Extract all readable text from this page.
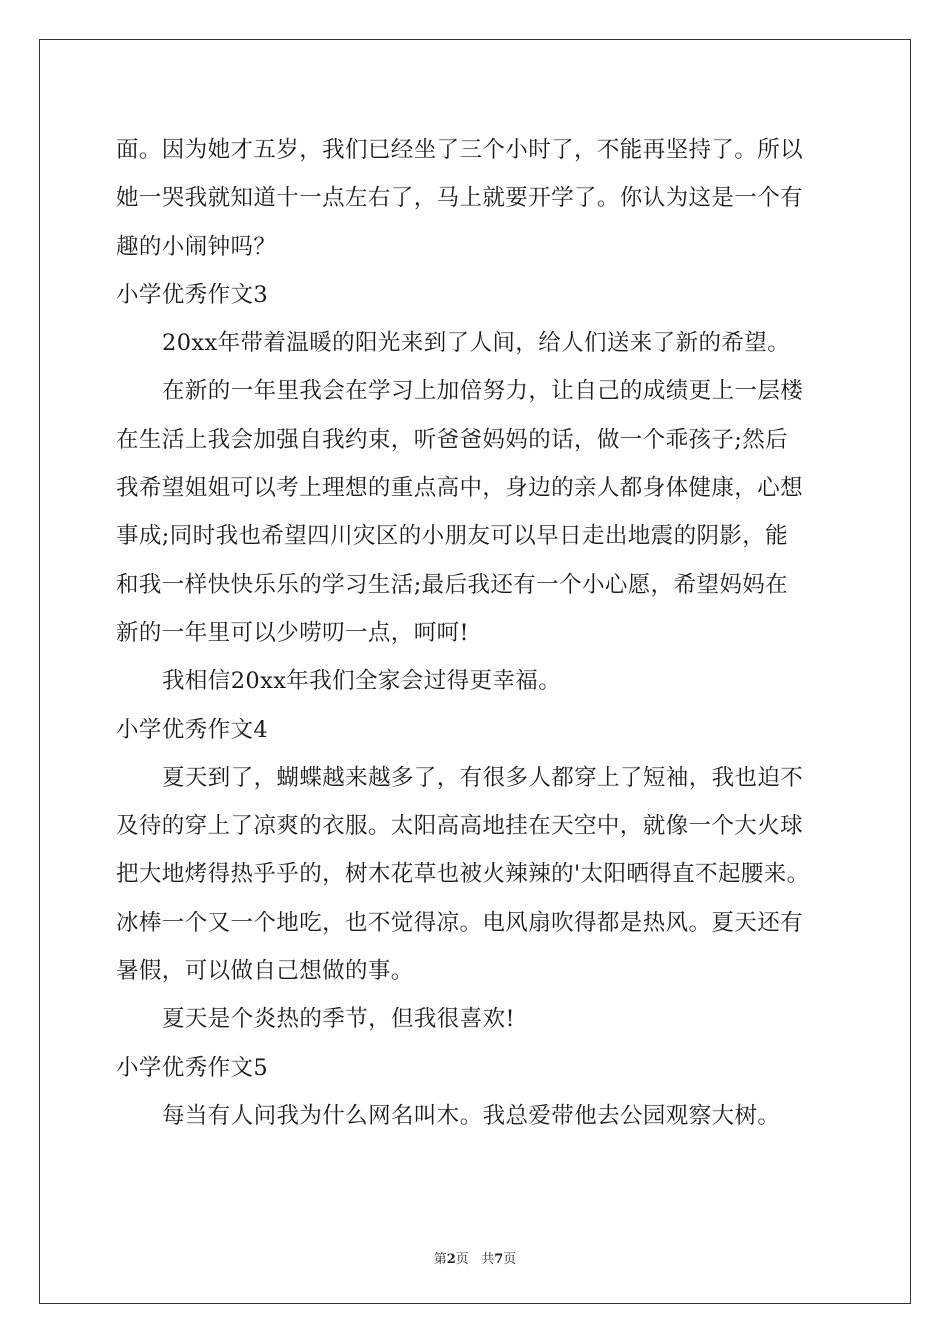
面。因为她才五岁，我们已经坐了三个小时了，不能再坚持了。所以
她一哭我就知道十一点左右了，马上就要开学了。你认为这是一个有
趣的小闹钟吗？
小学优秀作文3
20xx年带着温暖的阳光来到了人间，给人们送来了新的希望。
在新的一年里我会在学习上加倍努力，让自己的成绩更上一层楼
在生活上我会加强自我约束，听爸爸妈妈的话，做一个乖孩子;然后
我希望姐姐可以考上理想的重点高中，身边的亲人都身体健康，心想
事成;同时我也希望四川灾区的小朋友可以早日走出地震的阴影，能
和我一样快快乐乐的学习生活;最后我还有一个小心愿，希望妈妈在
新的一年里可以少唠叨一点，呵呵!
我相信20xx年我们全家会过得更幸福。
小学优秀作文4
夏天到了，蝴蝶越来越多了，有很多人都穿上了短袖，我也迫不
及待的穿上了凉爽的衣服。太阳高高地挂在天空中，就像一个大火球
把大地烤得热乎乎的，树木花草也被火辣辣的'太阳晒得直不起腰来。
冰棒一个又一个地吃，也不觉得凉。电风扇吹得都是热风。夏天还有
暑假，可以做自己想做的事。
夏天是个炎热的季节，但我很喜欢!
小学优秀作文5
每当有人问我为什么网名叫木。我总爱带他去公园观察大树。
第2页   共7页
